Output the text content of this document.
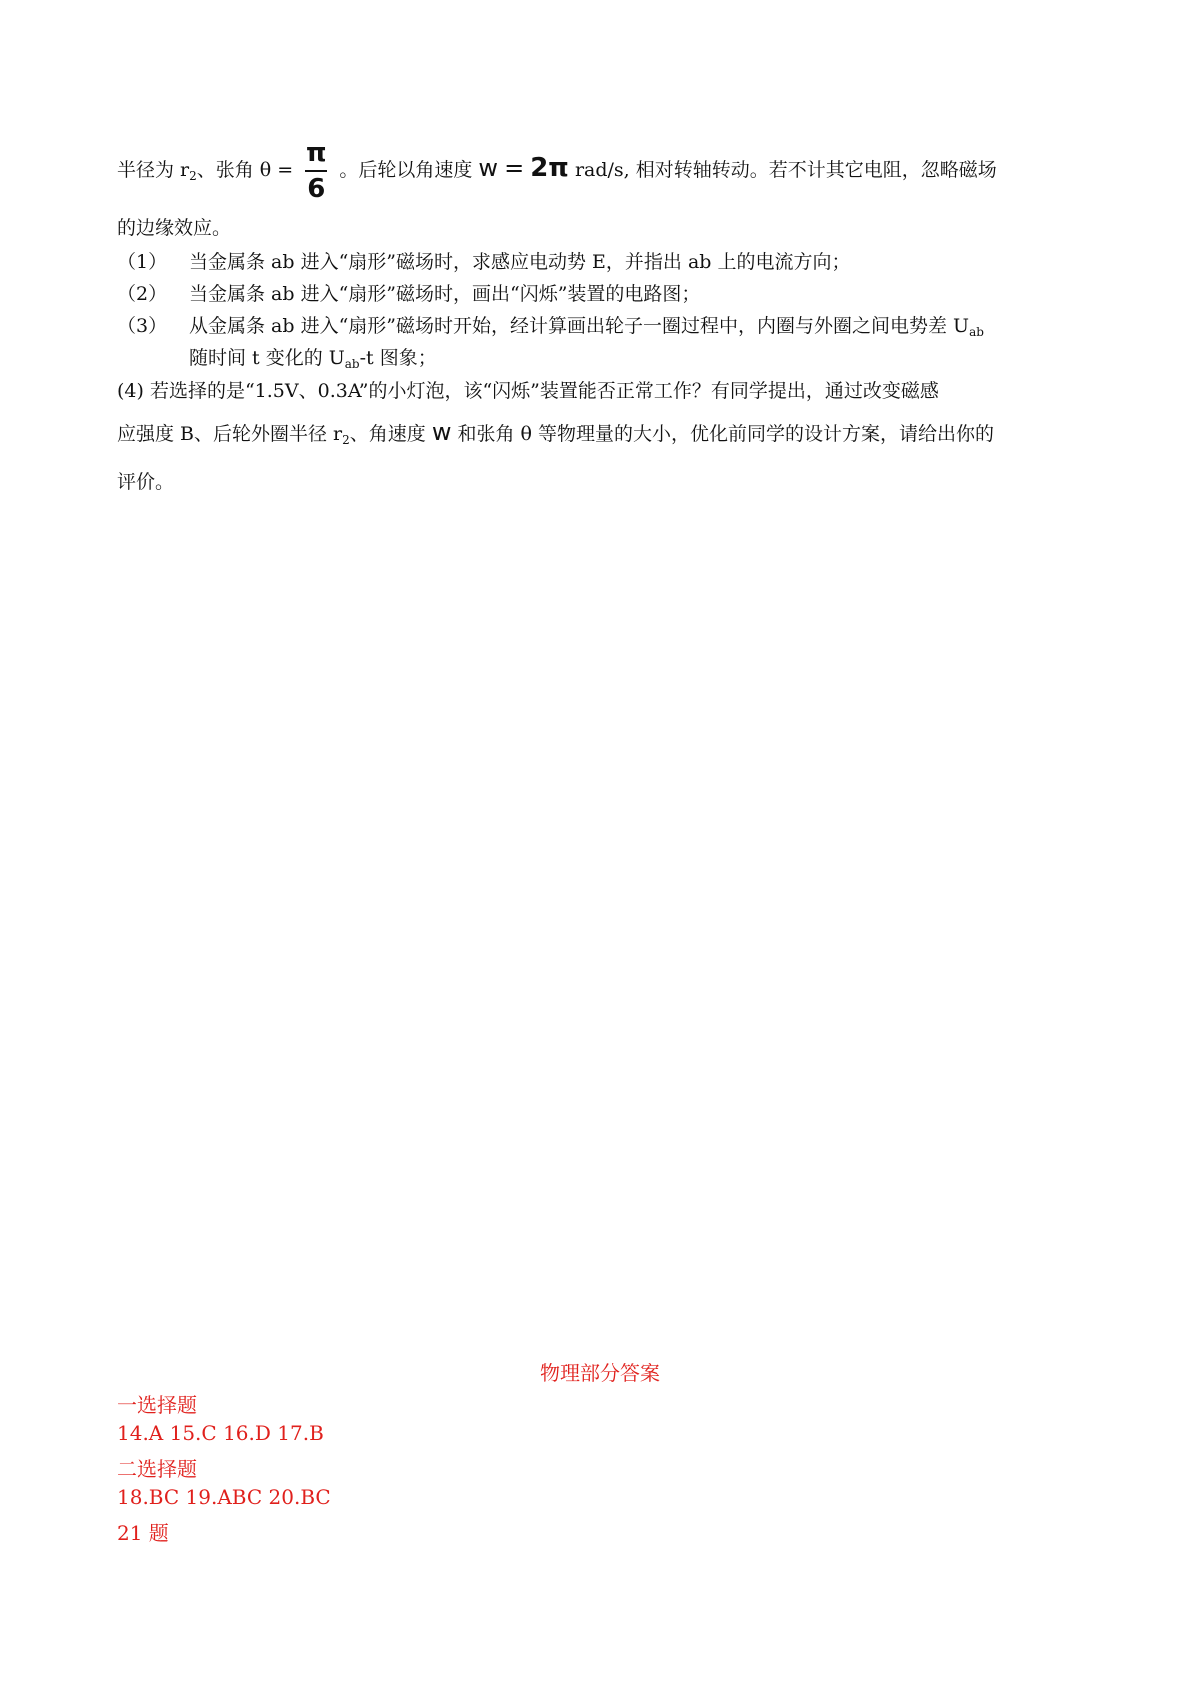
半径为 $r_2$、张角 $\theta = \frac{\pi}{6}$ 。后轮以角速度 w = 2π rad/s, 相对转轴转动。若不计其它电阻，忽略磁场
的边缘效应。
（1） 当金属条 ab 进入“扇形”磁场时，求感应电动势 E，并指出 ab 上的电流方向；
（2） 当金属条 ab 进入“扇形”磁场时，画出“闪烁”装置的电路图；
（3） 从金属条 ab 进入“扇形”磁场时开始，经计算画出轮子一圈过程中，内圈与外圈之间电势差 $U_{ab}$
随时间 t 变化的 $U_{ab}-t$ 图象；
(4) 若选择的是“1.5V、0.3A”的小灯泡，该“闪烁”装置能否正常工作？有同学提出，通过改变磁感
应强度 B、后轮外圈半径 $r_2$、角速度 w 和张角 θ 等物理量的大小，优化前同学的设计方案，请给出你的
评价。
物理部分答案
一选择题
14.A 15.C 16.D 17.B
二选择题
18.BC 19.ABC 20.BC
21 题
